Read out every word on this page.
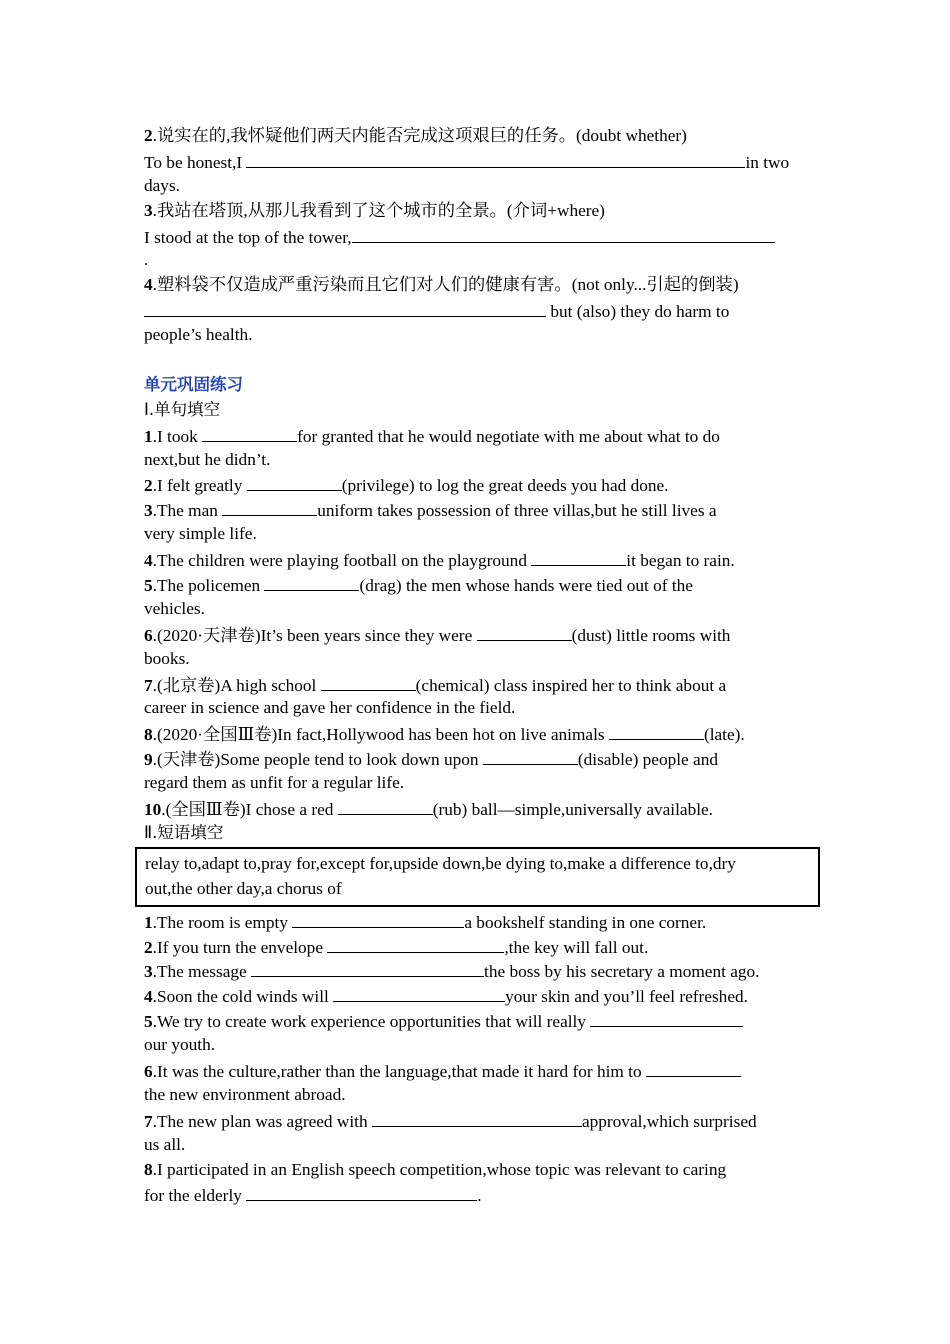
2.说实在的,我怀疑他们两天内能否完成这项艰巨的任务。(doubt whether)
To be honest,I	in two
days.
3.我站在塔顶,从那儿我看到了这个城市的全景。(介词+where)
I stood at the top of the tower,
.
4.塑料袋不仅造成严重污染而且它们对人们的健康有害。(not only...引起的倒装)
but (also) they do harm to
people’s health.
单元巩固练习
Ⅰ.单句填空
1.I took	for granted that he would negotiate with me about what to do
next,but he didn’t.
2.I felt greatly	(privilege) to log the great deeds you had done.
3.The man	uniform takes possession of three villas,but he still lives a
very simple life.
4.The children were playing football on the playground	it began to rain.
5.The policemen	(drag) the men whose hands were tied out of the
vehicles.
6.(2020·天津卷)It’s been years since they were	(dust) little rooms with
books.
7.(北京卷)A high school	(chemical) class inspired her to think about a
career in science and gave her confidence in the field.
8.(2020·全国Ⅲ卷)In fact,Hollywood has been hot on live animals	(late).
9.(天津卷)Some people tend to look down upon	(disable) people and
regard them as unfit for a regular life.
10.(全国Ⅲ卷)I chose a red	(rub) ball—simple,universally available.
Ⅱ.短语填空
relay to,adapt to,pray for,except for,upside down,be dying to,make a difference to,dry
out,the other day,a chorus of
1.The room is empty	a bookshelf standing in one corner.
2.If you turn the envelope	,the key will fall out.
3.The message	the boss by his secretary a moment ago.
4.Soon the cold winds will	your skin and you’ll feel refreshed.
5.We try to create work experience opportunities that will really
our youth.
6.It was the culture,rather than the language,that made it hard for him to
the new environment abroad.
7.The new plan was agreed with	approval,which surprised
us all.
8.I participated in an English speech competition,whose topic was relevant to caring
for the elderly	.
